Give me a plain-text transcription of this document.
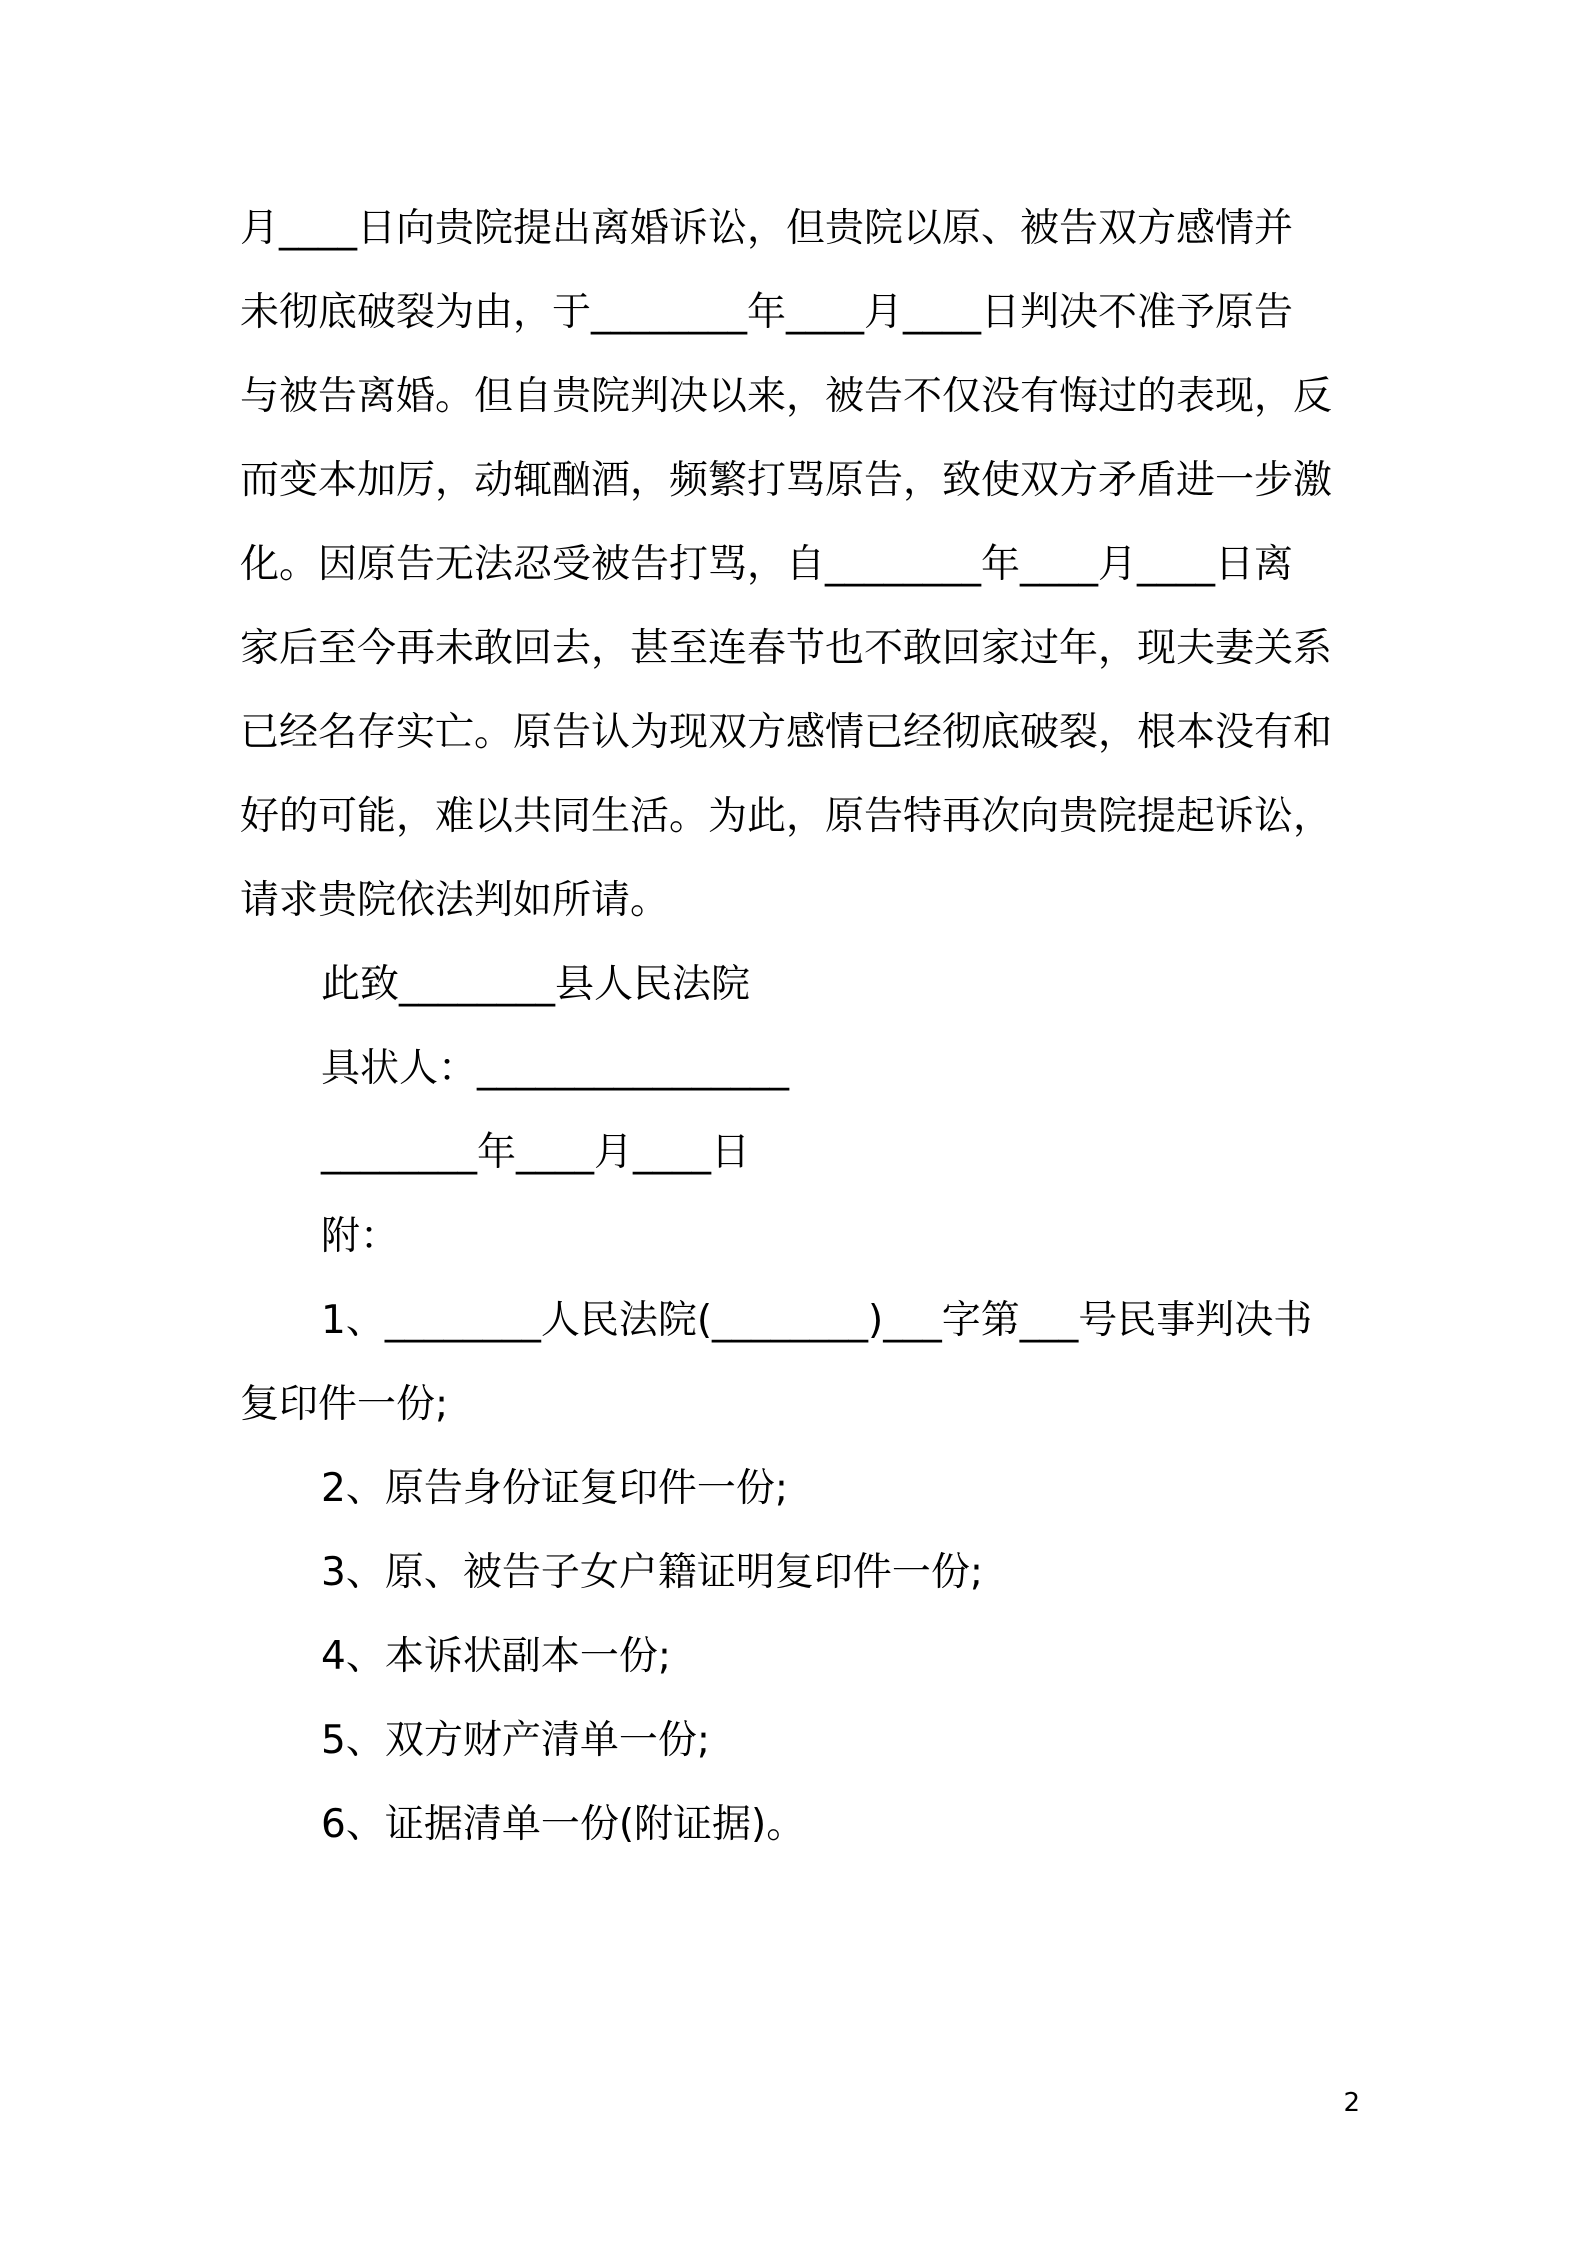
月____日向贵院提出离婚诉讼，但贵院以原、被告双方感情并
未彻底破裂为由，于________年____月____日判决不准予原告
与被告离婚。但自贵院判决以来，被告不仅没有悔过的表现，反
而变本加厉，动辄酗酒，频繁打骂原告，致使双方矛盾进一步激
化。因原告无法忍受被告打骂，自________年____月____日离
家后至今再未敢回去，甚至连春节也不敢回家过年，现夫妻关系
已经名存实亡。原告认为现双方感情已经彻底破裂，根本没有和
好的可能，难以共同生活。为此，原告特再次向贵院提起诉讼，
请求贵院依法判如所请。
此致________县人民法院
具状人：________________
________年____月____日
附：
1、________人民法院(________)___字第___号民事判决书
复印件一份;
2、原告身份证复印件一份;
3、原、被告子女户籍证明复印件一份;
4、本诉状副本一份;
5、双方财产清单一份;
6、证据清单一份(附证据)。
2
